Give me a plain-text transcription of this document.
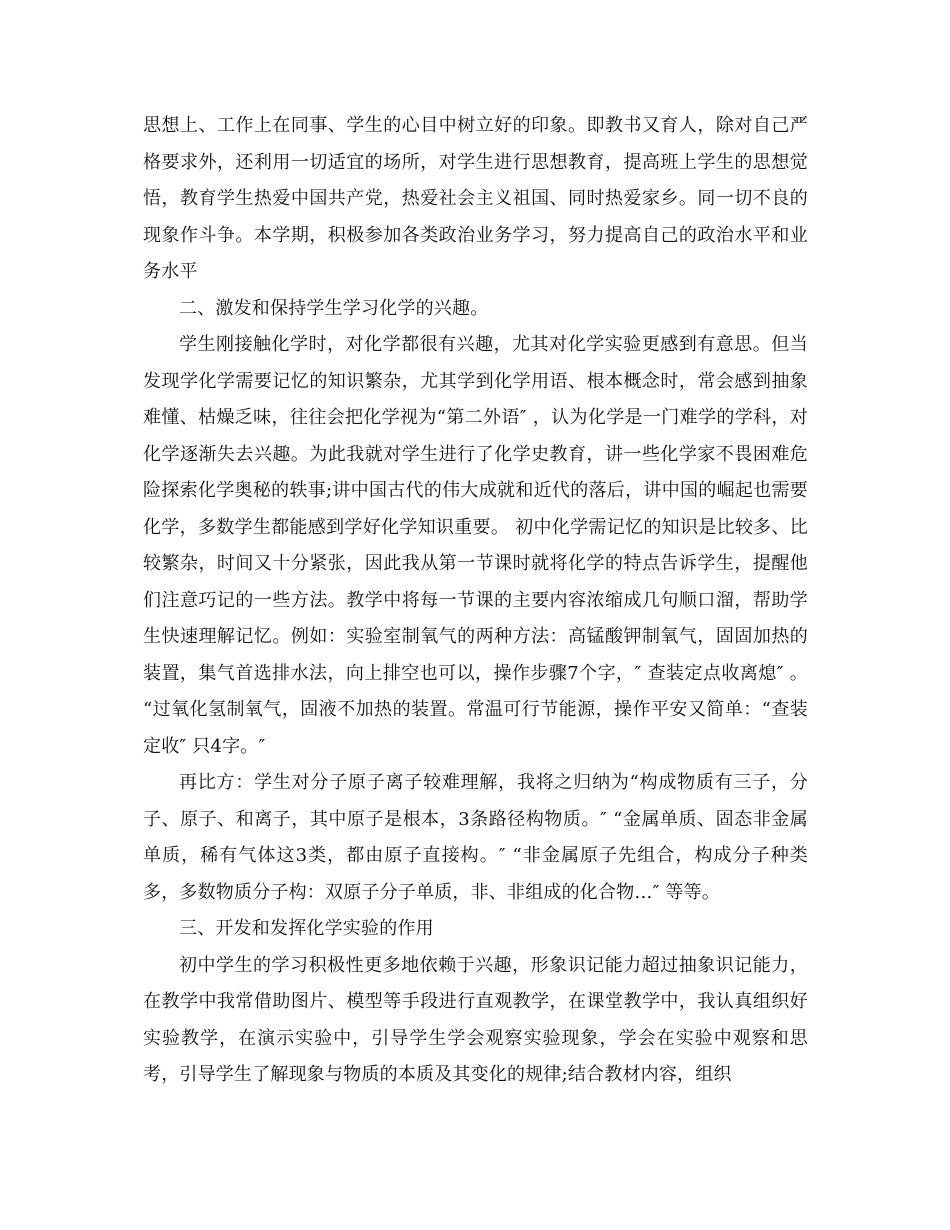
思想上、工作上在同事、学生的心目中树立好的印象。即教书又育人，除对自己严格要求外，还利用一切适宜的场所，对学生进行思想教育，提高班上学生的思想觉悟，教育学生热爱中国共产党，热爱社会主义祖国、同时热爱家乡。同一切不良的现象作斗争。本学期，积极参加各类政治业务学习，努力提高自己的政治水平和业务水平

二、激发和保持学生学习化学的兴趣。

学生刚接触化学时，对化学都很有兴趣，尤其对化学实验更感到有意思。但当发现学化学需要记忆的知识繁杂，尤其学到化学用语、根本概念时，常会感到抽象难懂、枯燥乏味，往往会把化学视为“第二外语″ ，认为化学是一门难学的学科，对化学逐渐失去兴趣。为此我就对学生进行了化学史教育，讲一些化学家不畏困难危险探索化学奥秘的轶事;讲中国古代的伟大成就和近代的落后，讲中国的崛起也需要化学，多数学生都能感到学好化学知识重要。 初中化学需记忆的知识是比较多、比较繁杂，时间又十分紧张，因此我从第一节课时就将化学的特点告诉学生，提醒他们注意巧记的一些方法。教学中将每一节课的主要内容浓缩成几句顺口溜，帮助学生快速理解记忆。例如：实验室制氧气的两种方法：高锰酸钾制氧气，固固加热的装置，集气首选排水法，向上排空也可以，操作步骤7个字，″ 查装定点收离熄″ 。 “过氧化氢制氧气，固液不加热的装置。常温可行节能源，操作平安又简单：“查装定收″ 只4字。″

再比方：学生对分子原子离子较难理解，我将之归纳为“构成物质有三子，分子、原子、和离子，其中原子是根本，3条路径构物质。″ “金属单质、固态非金属单质，稀有气体这3类，都由原子直接构。″ “非金属原子先组合，构成分子种类多，多数物质分子构：双原子分子单质，非、非组成的化合物…″ 等等。

三、开发和发挥化学实验的作用

初中学生的学习积极性更多地依赖于兴趣，形象识记能力超过抽象识记能力，在教学中我常借助图片、模型等手段进行直观教学，在课堂教学中，我认真组织好实验教学，在演示实验中，引导学生学会观察实验现象，学会在实验中观察和思考，引导学生了解现象与物质的本质及其变化的规律;结合教材内容，组织
